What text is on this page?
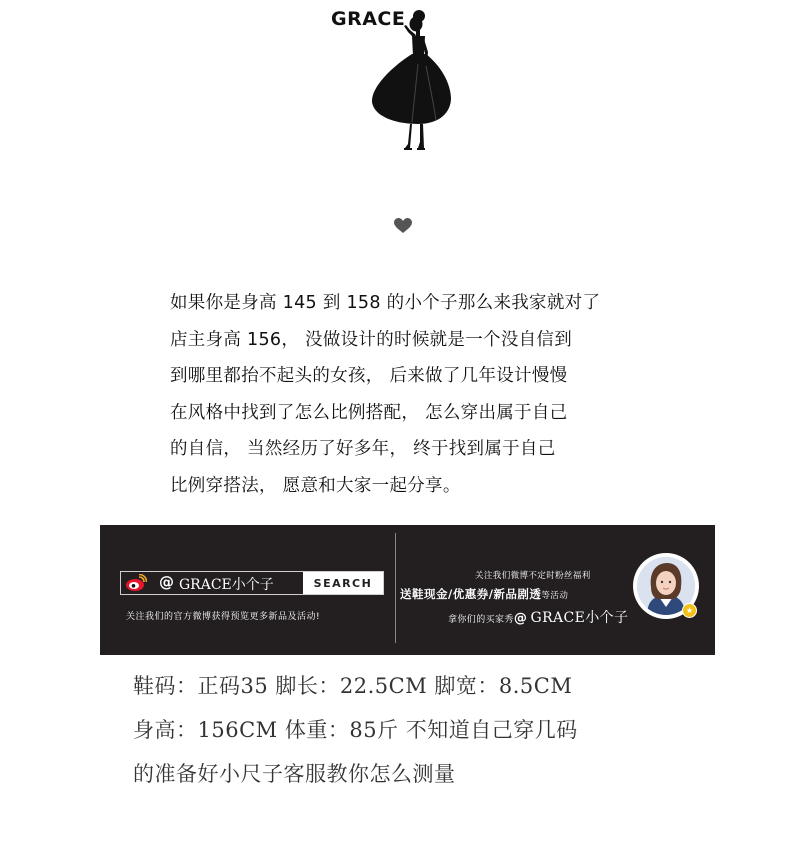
GRACE
如果你是身高 145 到 158 的小个子那么来我家就对了
店主身高 156， 没做设计的时候就是一个没自信到
到哪里都抬不起头的女孩， 后来做了几年设计慢慢
在风格中找到了怎么比例搭配， 怎么穿出属于自己
的自信， 当然经历了好多年， 终于找到属于自己
比例穿搭法， 愿意和大家一起分享。
@ GRACE小个子	SEARCH
关注我们的官方微博获得预览更多新品及活动!
关注我们微博不定时粉丝福利
送鞋现金/优惠券/新品剧透等活动
拿你们的买家秀@ GRACE小个子	★
鞋码：正码35 脚长：22.5CM 脚宽：8.5CM
身高：156CM 体重：85斤 不知道自己穿几码
的准备好小尺子客服教你怎么测量
